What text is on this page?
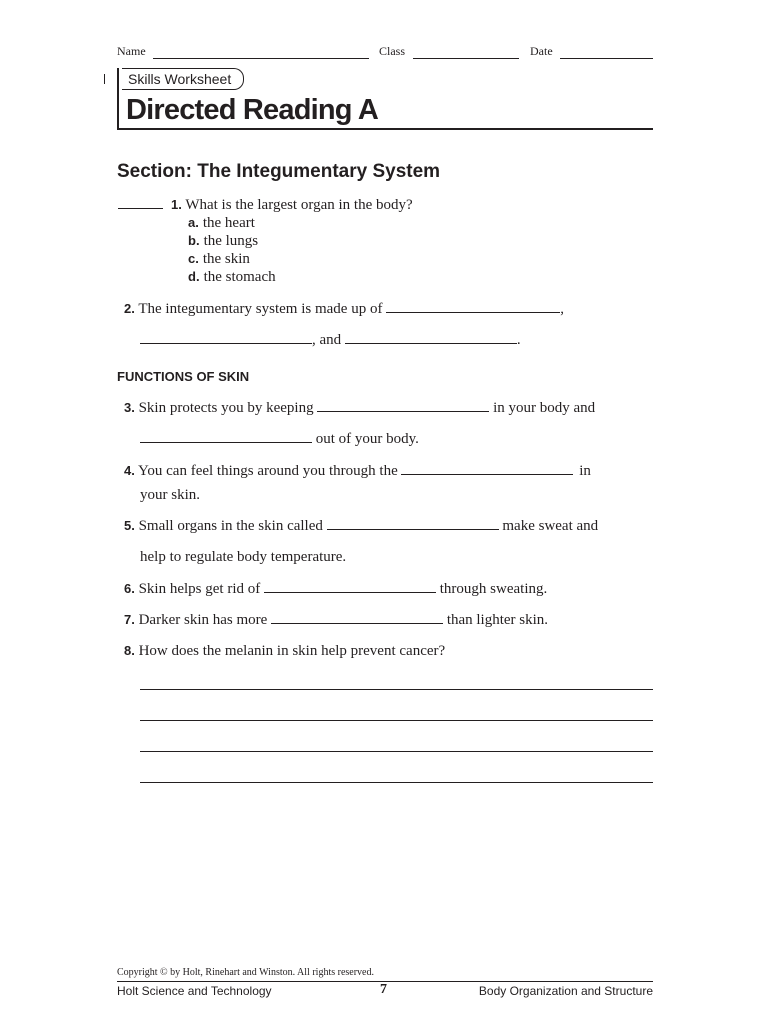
Name	Class	Date
Skills Worksheet
Directed Reading A
Section: The Integumentary System
1. What is the largest organ in the body?
a. the heart
b. the lungs
c. the skin
d. the stomach
2. The integumentary system is made up of	,
, and	.
FUNCTIONS OF SKIN
3. Skin protects you by keeping	in your body and
out of your body.
4. You can feel things around you through the	in
your skin.
5. Small organs in the skin called	make sweat and
help to regulate body temperature.
6. Skin helps get rid of	through sweating.
7. Darker skin has more	than lighter skin.
8. How does the melanin in skin help prevent cancer?
Copyright © by Holt, Rinehart and Winston. All rights reserved.
Holt Science and Technology	7	Body Organization and Structure
